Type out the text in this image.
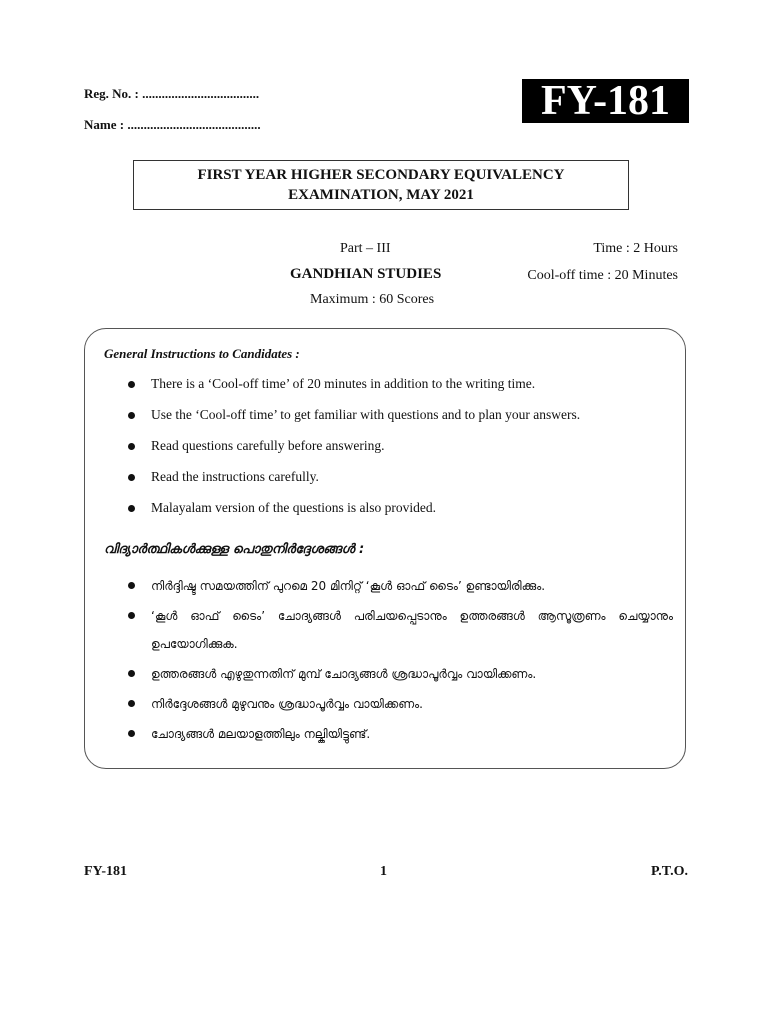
Reg. No. : ....................................
Name : .........................................
FY-181
FIRST YEAR HIGHER SECONDARY EQUIVALENCY
EXAMINATION, MAY 2021
Part – III
GANDHIAN STUDIES
Maximum : 60 Scores
Time : 2 Hours
Cool-off time : 20 Minutes
General Instructions to Candidates :
There is a ‘Cool-off time’ of 20 minutes in addition to the writing time.
Use the ‘Cool-off time’ to get familiar with questions and to plan your answers.
Read questions carefully before answering.
Read the instructions carefully.
Malayalam version of the questions is also provided.
വിദ്യാർത്ഥികൾക്കുള്ള പൊതുനിർദ്ദേശങ്ങൾ :
നിർദ്ദിഷ്ട സമയത്തിന് പുറമെ 20 മിനിറ്റ് ‘കൂൾ ഓഫ് ടൈം’ ഉണ്ടായിരിക്കും.
‘കൂൾ ഓഫ് ടൈം’ ചോദ്യങ്ങൾ പരിചയപ്പെടാനും ഉത്തരങ്ങൾ ആസൂത്രണം ചെയ്യാനും ഉപയോഗിക്കുക.
ഉത്തരങ്ങൾ എഴുതുന്നതിന് മുമ്പ് ചോദ്യങ്ങൾ ശ്രദ്ധാപൂർവ്വം വായിക്കണം.
നിർദ്ദേശങ്ങൾ മുഴുവനും ശ്രദ്ധാപൂർവ്വം വായിക്കണം.
ചോദ്യങ്ങൾ മലയാളത്തിലും നല്കിയിട്ടുണ്ട്.
FY-181	1	P.T.O.
